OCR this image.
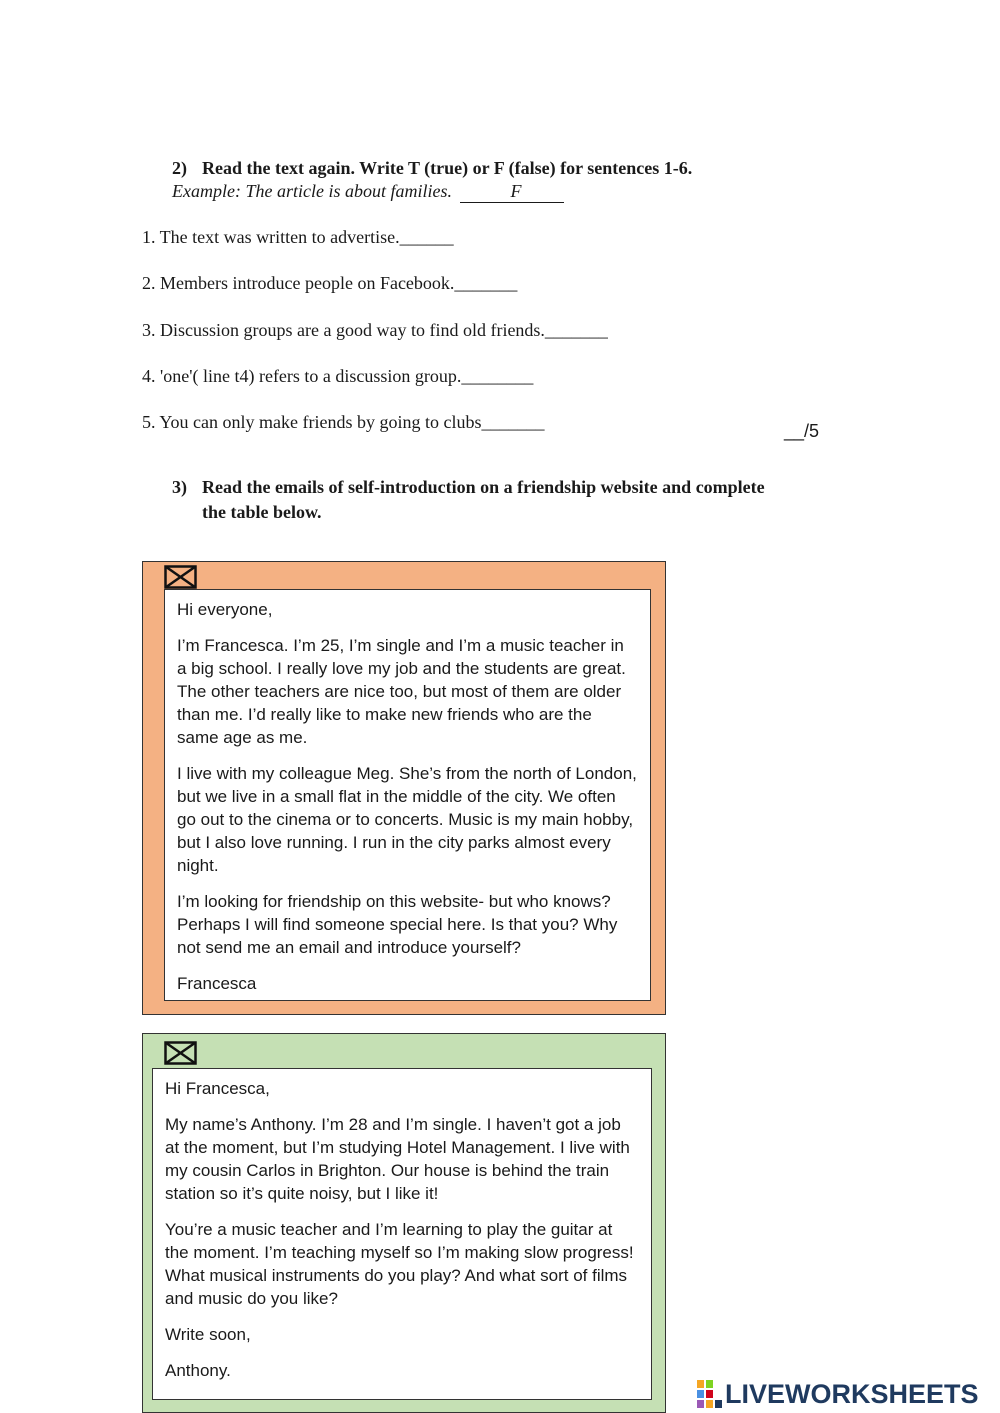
2) Read the text again. Write T (true) or F (false) for sentences 1-6.
Example: The article is about families.	F

1. The text was written to advertise.______
2. Members introduce people on Facebook._______
3. Discussion groups are a good way to find old friends._______
4. 'one'( line t4) refers to a discussion group.________
5. You can only make friends by going to clubs_______	__/5
3) Read the emails of self-introduction on a friendship website and complete
the table below.

Hi everyone,

I’m Francesca. I’m 25, I’m single and I’m a music teacher in a big school. I really love my job and the students are great. The other teachers are nice too, but most of them are older than me. I’d really like to make new friends who are the same age as me.

I live with my colleague Meg. She’s from the north of London, but we live in a small flat in the middle of the city. We often go out to the cinema or to concerts. Music is my main hobby, but I also love running. I run in the city parks almost every night.

I’m looking for friendship on this website- but who knows? Perhaps I will find someone special here. Is that you? Why not send me an email and introduce yourself?

Francesca

Hi Francesca,

My name’s Anthony. I’m 28 and I’m single. I haven’t got a job at the moment, but I’m studying Hotel Management. I live with my cousin Carlos in Brighton. Our house is behind the train station so it’s quite noisy, but I like it!

You’re a music teacher and I’m learning to play the guitar at the moment. I’m teaching myself so I’m making slow progress! What musical instruments do you play? And what sort of films and music do you like?

Write soon,

Anthony.

LIVEWORKSHEETS
